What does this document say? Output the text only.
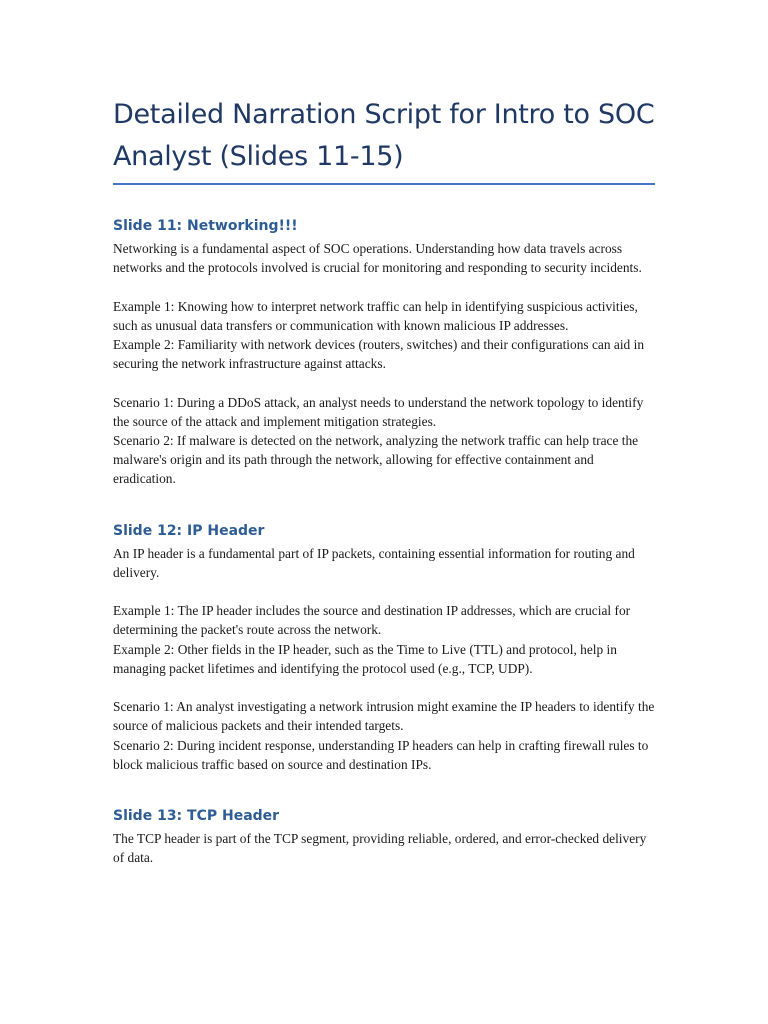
Detailed Narration Script for Intro to SOC Analyst (Slides 11-15)
Slide 11: Networking!!!

Networking is a fundamental aspect of SOC operations. Understanding how data travels across networks and the protocols involved is crucial for monitoring and responding to security incidents.

Example 1: Knowing how to interpret network traffic can help in identifying suspicious activities, such as unusual data transfers or communication with known malicious IP addresses.

Example 2: Familiarity with network devices (routers, switches) and their configurations can aid in securing the network infrastructure against attacks.

Scenario 1: During a DDoS attack, an analyst needs to understand the network topology to identify the source of the attack and implement mitigation strategies.

Scenario 2: If malware is detected on the network, analyzing the network traffic can help trace the malware's origin and its path through the network, allowing for effective containment and eradication.

Slide 12: IP Header

An IP header is a fundamental part of IP packets, containing essential information for routing and delivery.

Example 1: The IP header includes the source and destination IP addresses, which are crucial for determining the packet's route across the network.

Example 2: Other fields in the IP header, such as the Time to Live (TTL) and protocol, help in managing packet lifetimes and identifying the protocol used (e.g., TCP, UDP).

Scenario 1: An analyst investigating a network intrusion might examine the IP headers to identify the source of malicious packets and their intended targets.

Scenario 2: During incident response, understanding IP headers can help in crafting firewall rules to block malicious traffic based on source and destination IPs.

Slide 13: TCP Header

The TCP header is part of the TCP segment, providing reliable, ordered, and error-checked delivery of data.
